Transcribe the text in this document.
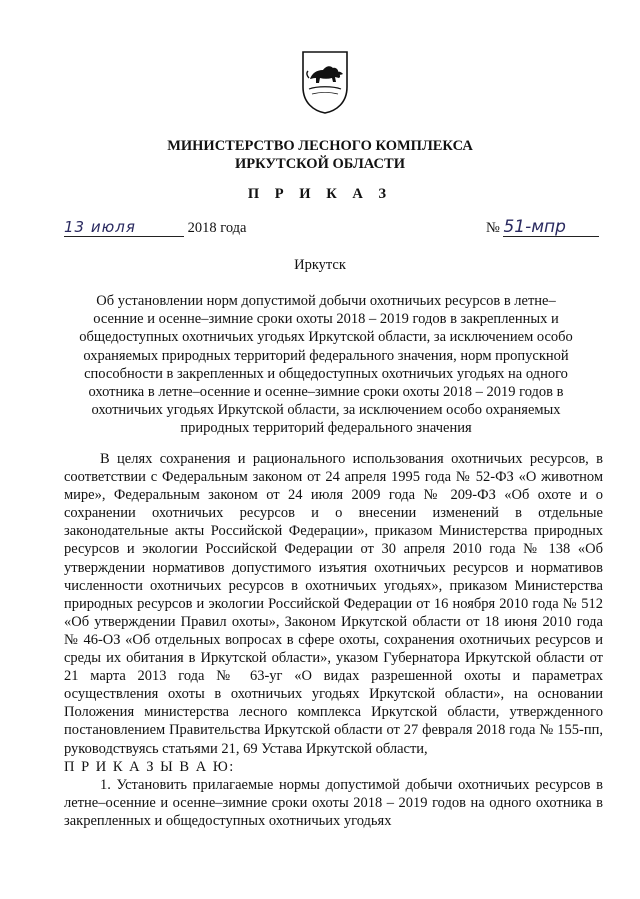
МИНИСТЕРСТВО ЛЕСНОГО КОМПЛЕКСА
ИРКУТСКОЙ ОБЛАСТИ
П Р И К А З
13 июля	2018 года	№ 51-мпр
Иркутск
Об установлении норм допустимой добычи охотничьих ресурсов в летне–осенние и осенне–зимние сроки охоты 2018 – 2019 годов в закрепленных и общедоступных охотничьих угодьях Иркутской области, за исключением особо охраняемых природных территорий федерального значения, норм пропускной способности в закрепленных и общедоступных охотничьих угодьях на одного охотника в летне–осенние и осенне–зимние сроки охоты 2018 – 2019 годов в охотничьих угодьях Иркутской области, за исключением особо охраняемых природных территорий федерального значения

В целях сохранения и рационального использования охотничьих ресурсов, в соответствии с Федеральным законом от 24 апреля 1995 года № 52-ФЗ «О животном мире», Федеральным законом от 24 июля 2009 года № 209-ФЗ «Об охоте и о сохранении охотничьих ресурсов и о внесении изменений в отдельные законодательные акты Российской Федерации», приказом Министерства природных ресурсов и экологии Российской Федерации от 30 апреля 2010 года № 138 «Об утверждении нормативов допустимого изъятия охотничьих ресурсов и нормативов численности охотничьих ресурсов в охотничьих угодьях», приказом Министерства природных ресурсов и экологии Российской Федерации от 16 ноября 2010 года № 512 «Об утверждении Правил охоты», Законом Иркутской области от 18 июня 2010 года № 46-ОЗ «Об отдельных вопросах в сфере охоты, сохранения охотничьих ресурсов и среды их обитания в Иркутской области», указом Губернатора Иркутской области от 21 марта 2013 года № 63-уг «О видах разрешенной охоты и параметрах осуществления охоты в охотничьих угодьях Иркутской области», на основании Положения министерства лесного комплекса Иркутской области, утвержденного постановлением Правительства Иркутской области от 27 февраля 2018 года № 155-пп, руководствуясь статьями 21, 69 Устава Иркутской области,

П Р И К А З Ы В А Ю:

1. Установить прилагаемые нормы допустимой добычи охотничьих ресурсов в летне–осенние и осенне–зимние сроки охоты 2018 – 2019 годов на одного охотника в закрепленных и общедоступных охотничьих угодьях
